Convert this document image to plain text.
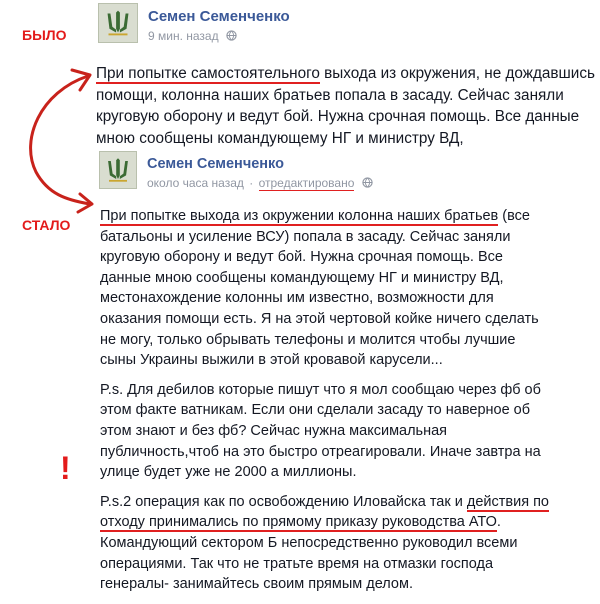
БЫЛО
СТАЛО
!
Семен Семенченко
9 мин. назад
При попытке самостоятельного выхода из окружения, не дождавшись помощи, колонна наших братьев попала в засаду. Сейчас заняли круговую оборону и ведут бой. Нужна срочная помощь. Все данные мною сообщены командующему НГ и министру ВД,
Семен Семенченко
около часа назад · отредактировано

При попытке выхода из окружении колонна наших братьев (все батальоны и усиление ВСУ) попала в засаду. Сейчас заняли круговую оборону и ведут бой. Нужна срочная помощь. Все данные мною сообщены командующему НГ и министру ВД, местонахождение колонны им известно, возможности для оказания помощи есть. Я на этой чертовой койке ничего сделать не могу, только обрывать телефоны и молится чтобы лучшие сыны Украины выжили в этой кровавой карусели...

P.s. Для дебилов которые пишут что я мол сообщаю через фб об этом факте ватникам. Если они сделали засаду то наверное об этом знают и без фб? Сейчас нужна максимальная публичность,чтоб на это быстро отреагировали. Иначе завтра на улице будет уже не 2000 а миллионы.

P.s.2 операция как по освобождению Иловайска так и действия по отходу принимались по прямому приказу руководства АТО. Командующий сектором Б непосредственно руководил всеми операциями. Так что не тратьте время на отмазки господа генералы- занимайтесь своим прямым делом.
